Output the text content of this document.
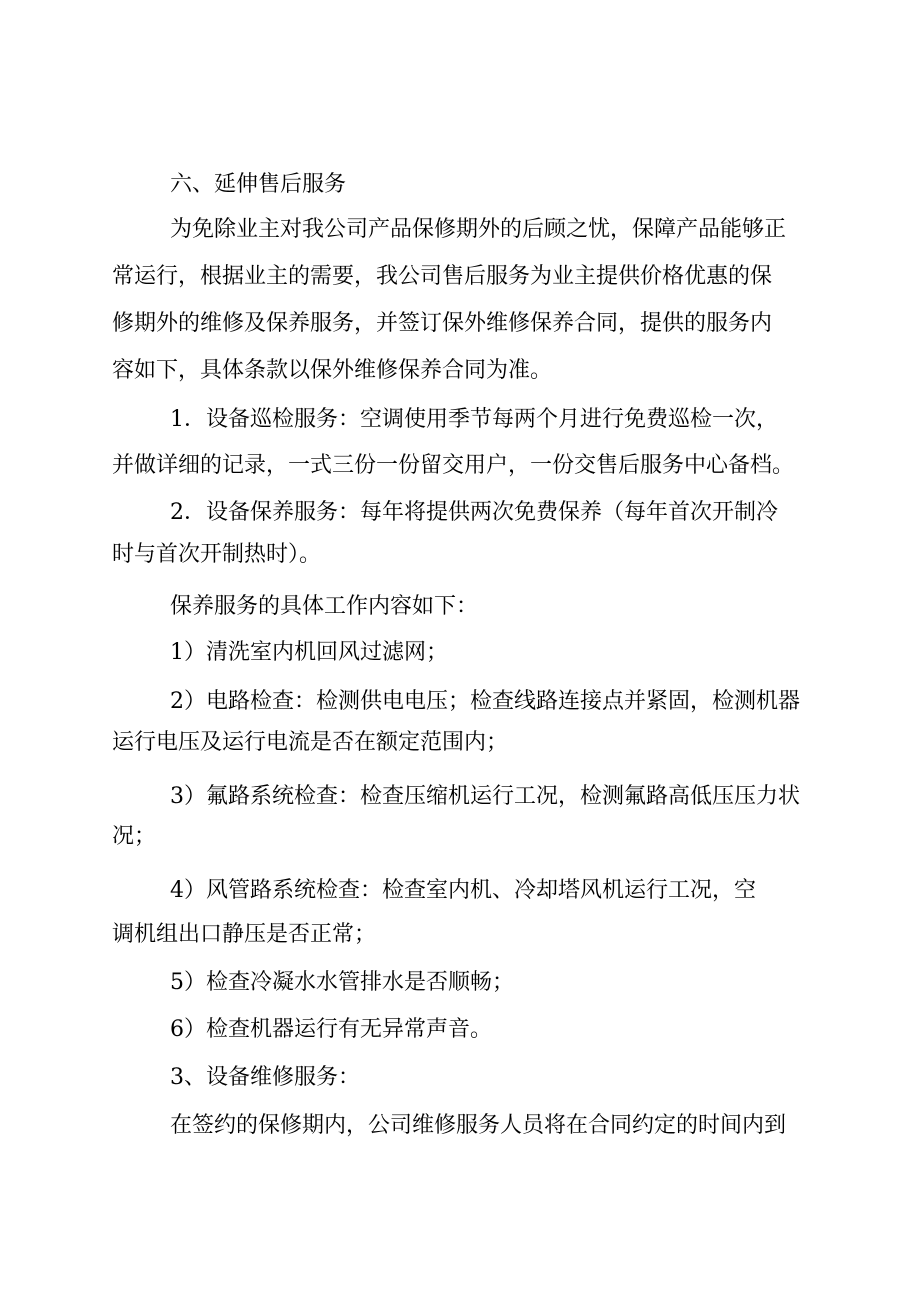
六、延伸售后服务
为免除业主对我公司产品保修期外的后顾之忧，保障产品能够正
常运行，根据业主的需要，我公司售后服务为业主提供价格优惠的保
修期外的维修及保养服务，并签订保外维修保养合同，提供的服务内
容如下，具体条款以保外维修保养合同为准。
1．设备巡检服务：空调使用季节每两个月进行免费巡检一次，
并做详细的记录，一式三份一份留交用户，一份交售后服务中心备档。
2．设备保养服务：每年将提供两次免费保养（每年首次开制冷
时与首次开制热时）。
保养服务的具体工作内容如下：
1）清洗室内机回风过滤网；
2）电路检查：检测供电电压；检查线路连接点并紧固，检测机器
运行电压及运行电流是否在额定范围内；
3）氟路系统检查：检查压缩机运行工况，检测氟路高低压压力状
况；
4）风管路系统检查：检查室内机、冷却塔风机运行工况，空
调机组出口静压是否正常；
5）检查冷凝水水管排水是否顺畅；
6）检查机器运行有无异常声音。
3、设备维修服务：
在签约的保修期内，公司维修服务人员将在合同约定的时间内到
